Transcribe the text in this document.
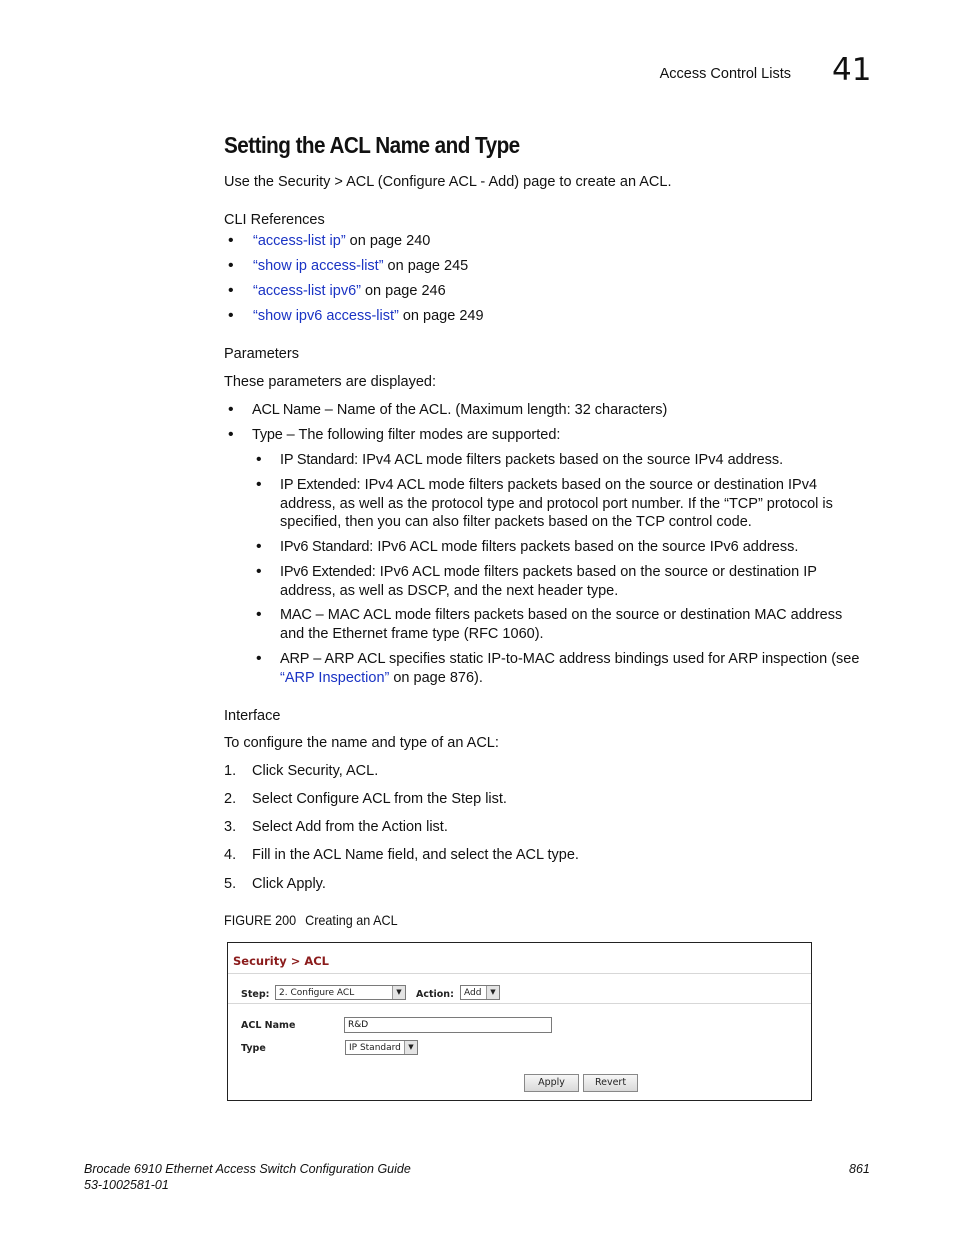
Access Control Lists 41
Setting the ACL Name and Type
Use the Security > ACL (Configure ACL - Add) page to create an ACL.
CLI References
• “access-list ip” on page 240
• “show ip access-list” on page 245
• “access-list ipv6” on page 246
• “show ipv6 access-list” on page 249
Parameters
These parameters are displayed:
• ACL Name – Name of the ACL. (Maximum length: 32 characters)
• Type – The following filter modes are supported:
• IP Standard: IPv4 ACL mode filters packets based on the source IPv4 address.
• IP Extended: IPv4 ACL mode filters packets based on the source or destination IPv4 address, as well as the protocol type and protocol port number. If the “TCP” protocol is specified, then you can also filter packets based on the TCP control code.
• IPv6 Standard: IPv6 ACL mode filters packets based on the source IPv6 address.
• IPv6 Extended: IPv6 ACL mode filters packets based on the source or destination IP address, as well as DSCP, and the next header type.
• MAC – MAC ACL mode filters packets based on the source or destination MAC address and the Ethernet frame type (RFC 1060).
• ARP – ARP ACL specifies static IP-to-MAC address bindings used for ARP inspection (see “ARP Inspection” on page 876).
Interface
To configure the name and type of an ACL:
1. Click Security, ACL.
2. Select Configure ACL from the Step list.
3. Select Add from the Action list.
4. Fill in the ACL Name field, and select the ACL type.
5. Click Apply.
FIGURE 200 Creating an ACL
Security > ACL
Step:	2. Configure ACL	▼	Action:	Add	▼
ACL Name	R&D
Type	IP Standard	▼
Apply	Revert
Brocade 6910 Ethernet Access Switch Configuration Guide
53-1002581-01
861
